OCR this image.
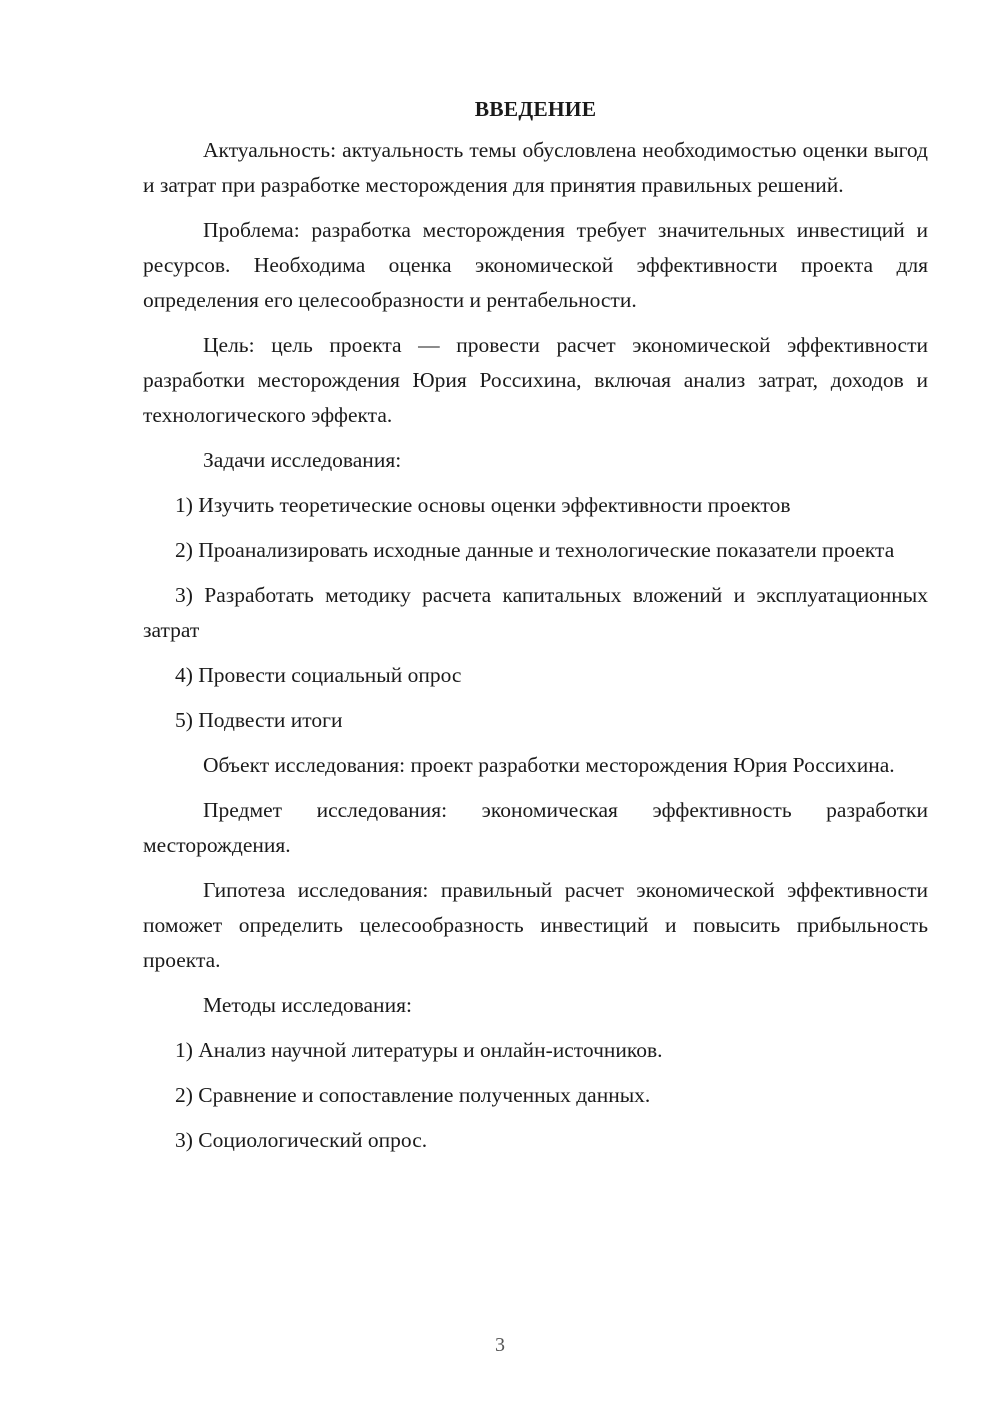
ВВЕДЕНИЕ

Актуальность: актуальность темы обусловлена необходимостью оценки выгод и затрат при разработке месторождения для принятия правильных решений.

Проблема: разработка месторождения требует значительных инвестиций и ресурсов. Необходима оценка экономической эффективности проекта для определения его целесообразности и рентабельности.

Цель: цель проекта — провести расчет экономической эффективности разработки месторождения Юрия Россихина, включая анализ затрат, доходов и технологического эффекта.

Задачи исследования:

1) Изучить теоретические основы оценки эффективности проектов

2) Проанализировать исходные данные и технологические показатели проекта

3) Разработать методику расчета капитальных вложений и эксплуатационных затрат

4) Провести социальный опрос

5) Подвести итоги

Объект исследования: проект разработки месторождения Юрия Россихина.

Предмет исследования: экономическая эффективность разработки месторождения.

Гипотеза исследования: правильный расчет экономической эффективности поможет определить целесообразность инвестиций и повысить прибыльность проекта.

Методы исследования:

1) Анализ научной литературы и онлайн-источников.

2) Сравнение и сопоставление полученных данных.

3) Социологический опрос.

3
